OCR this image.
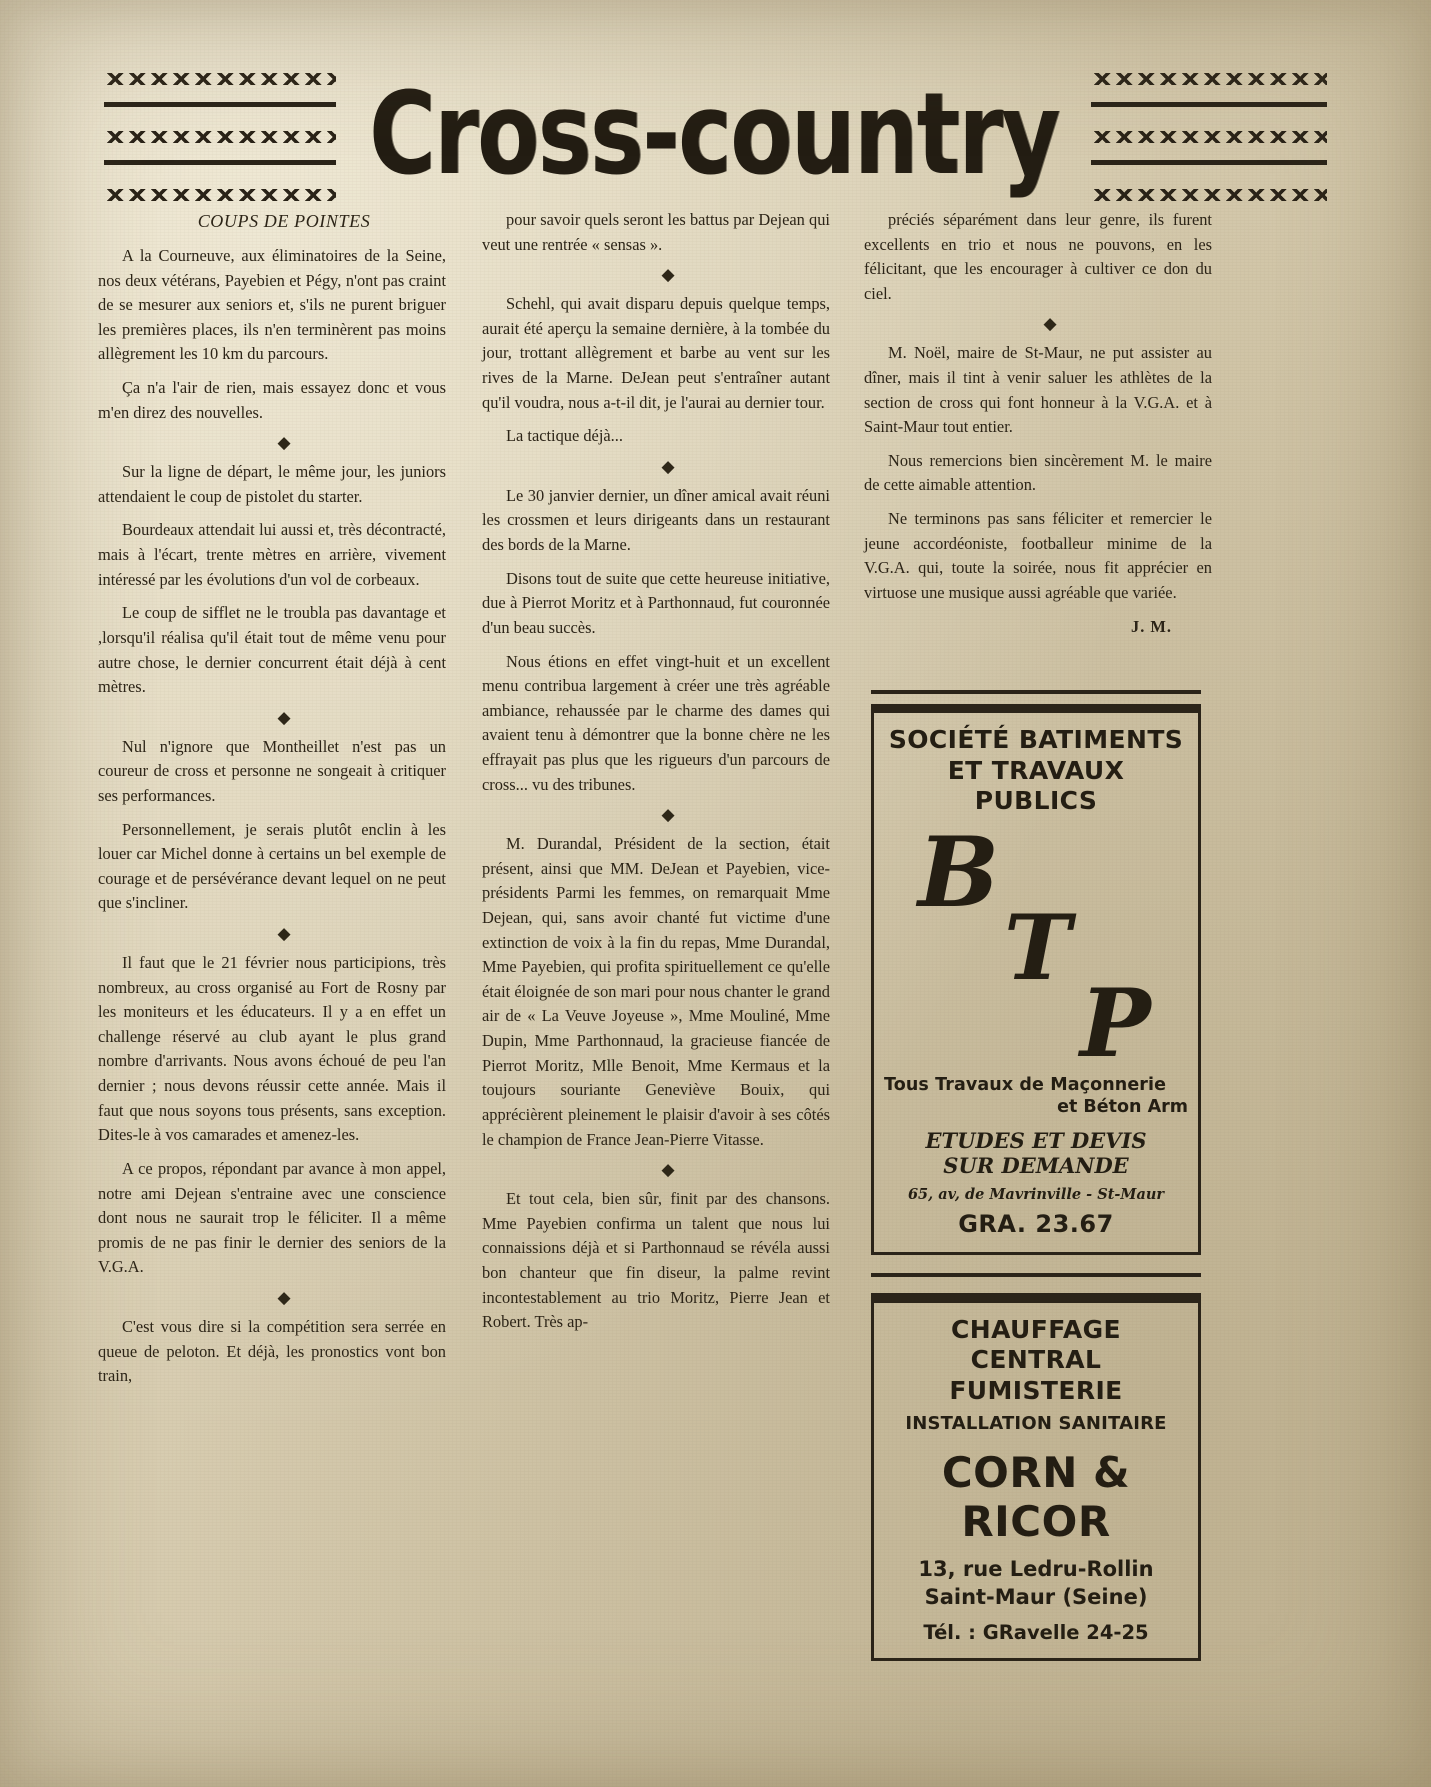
Cross-country

COUPS DE POINTES

A la Courneuve, aux éliminatoires de la Seine, nos deux vétérans, Payebien et Pégy, n'ont pas craint de se mesurer aux seniors et, s'ils ne purent briguer les premières places, ils n'en terminèrent pas moins allègrement les 10 km du parcours.

Ça n'a l'air de rien, mais essayez donc et vous m'en direz des nouvelles.

◆

Sur la ligne de départ, le même jour, les juniors attendaient le coup de pistolet du starter.

Bourdeaux attendait lui aussi et, très décontracté, mais à l'écart, trente mètres en arrière, vivement intéressé par les évolutions d'un vol de corbeaux.

Le coup de sifflet ne le troubla pas davantage et ,lorsqu'il réalisa qu'il était tout de même venu pour autre chose, le dernier concurrent était déjà à cent mètres.

◆

Nul n'ignore que Montheillet n'est pas un coureur de cross et personne ne songeait à critiquer ses performances.

Personnellement, je serais plutôt enclin à les louer car Michel donne à certains un bel exemple de courage et de persévérance devant lequel on ne peut que s'incliner.

◆

Il faut que le 21 février nous participions, très nombreux, au cross organisé au Fort de Rosny par les moniteurs et les éducateurs. Il y a en effet un challenge réservé au club ayant le plus grand nombre d'arrivants. Nous avons échoué de peu l'an dernier ; nous devons réussir cette année. Mais il faut que nous soyons tous présents, sans exception. Dites-le à vos camarades et amenez-les.

A ce propos, répondant par avance à mon appel, notre ami Dejean s'entraine avec une conscience dont nous ne saurait trop le féliciter. Il a même promis de ne pas finir le dernier des seniors de la V.G.A.

◆

C'est vous dire si la compétition sera serrée en queue de peloton. Et déjà, les pronostics vont bon train,

pour savoir quels seront les battus par Dejean qui veut une rentrée « sensas ».

◆

Schehl, qui avait disparu depuis quelque temps, aurait été aperçu la semaine dernière, à la tombée du jour, trottant allègrement et barbe au vent sur les rives de la Marne. DeJean peut s'entraîner autant qu'il voudra, nous a-t-il dit, je l'aurai au dernier tour.

La tactique déjà...

◆

Le 30 janvier dernier, un dîner amical avait réuni les crossmen et leurs dirigeants dans un restaurant des bords de la Marne.

Disons tout de suite que cette heureuse initiative, due à Pierrot Moritz et à Parthonnaud, fut couronnée d'un beau succès.

Nous étions en effet vingt-huit et un excellent menu contribua largement à créer une très agréable ambiance, rehaussée par le charme des dames qui avaient tenu à démontrer que la bonne chère ne les effrayait pas plus que les rigueurs d'un parcours de cross... vu des tribunes.

◆

M. Durandal, Président de la section, était présent, ainsi que MM. DeJean et Payebien, vice-présidents Parmi les femmes, on remarquait Mme Dejean, qui, sans avoir chanté fut victime d'une extinction de voix à la fin du repas, Mme Durandal, Mme Payebien, qui profita spirituellement ce qu'elle était éloignée de son mari pour nous chanter le grand air de « La Veuve Joyeuse », Mme Mouliné, Mme Dupin, Mme Parthonnaud, la gracieuse fiancée de Pierrot Moritz, Mlle Benoit, Mme Kermaus et la toujours souriante Geneviève Bouix, qui apprécièrent pleinement le plaisir d'avoir à ses côtés le champion de France Jean-Pierre Vitasse.

◆

Et tout cela, bien sûr, finit par des chansons. Mme Payebien confirma un talent que nous lui connaissions déjà et si Parthonnaud se révéla aussi bon chanteur que fin diseur, la palme revint incontestablement au trio Moritz, Pierre Jean et Robert. Très ap-

préciés séparément dans leur genre, ils furent excellents en trio et nous ne pouvons, en les félicitant, que les encourager à cultiver ce don du ciel.

◆

M. Noël, maire de St-Maur, ne put assister au dîner, mais il tint à venir saluer les athlètes de la section de cross qui font honneur à la V.G.A. et à Saint-Maur tout entier.

Nous remercions bien sincèrement M. le maire de cette aimable attention.

Ne terminons pas sans féliciter et remercier le jeune accordéoniste, footballeur minime de la V.G.A. qui, toute la soirée, nous fit apprécier en virtuose une musique aussi agréable que variée.

J. M.

SOCIÉTÉ BATIMENTS
ET TRAVAUX PUBLICS
B
T
P
Tous Travaux de Maçonnerie
et Béton Arm
ETUDES ET DEVIS
SUR DEMANDE
65, av, de Mavrinville - St-Maur
GRA. 23.67
CHAUFFAGE CENTRAL
FUMISTERIE
INSTALLATION SANITAIRE
CORN & RICOR
13, rue Ledru-Rollin
Saint-Maur (Seine)
Tél. : GRavelle 24-25
